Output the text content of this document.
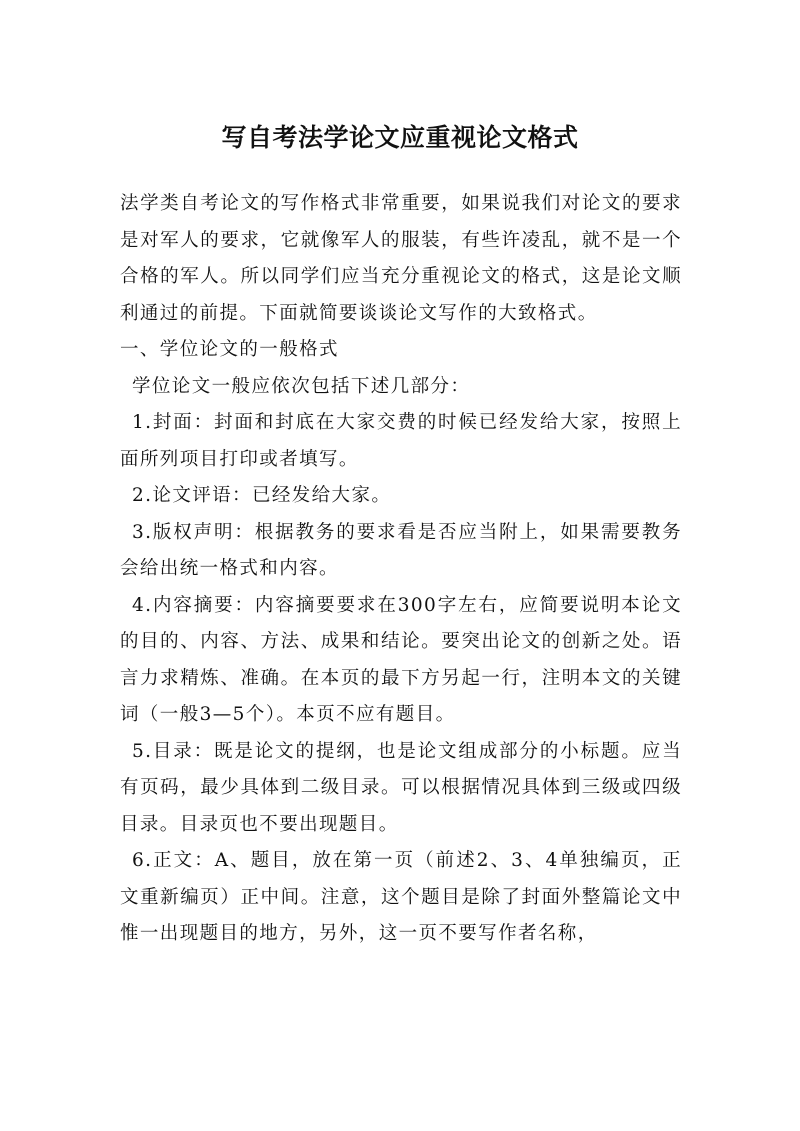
写自考法学论文应重视论文格式

法学类自考论文的写作格式非常重要，如果说我们对论文的要求是对军人的要求，它就像军人的服装，有些许凌乱，就不是一个合格的军人。所以同学们应当充分重视论文的格式，这是论文顺利通过的前提。下面就简要谈谈论文写作的大致格式。

一、学位论文的一般格式

学位论文一般应依次包括下述几部分：

1.封面：封面和封底在大家交费的时候已经发给大家，按照上面所列项目打印或者填写。

2.论文评语：已经发给大家。

3.版权声明：根据教务的要求看是否应当附上，如果需要教务会给出统一格式和内容。

4.内容摘要：内容摘要要求在300字左右，应简要说明本论文的目的、内容、方法、成果和结论。要突出论文的创新之处。语言力求精炼、准确。在本页的最下方另起一行，注明本文的关键词（一般3—5个）。本页不应有题目。

5.目录：既是论文的提纲，也是论文组成部分的小标题。应当有页码，最少具体到二级目录。可以根据情况具体到三级或四级目录。目录页也不要出现题目。

6.正文：A、题目，放在第一页（前述2、3、4单独编页，正文重新编页）正中间。注意，这个题目是除了封面外整篇论文中惟一出现题目的地方，另外，这一页不要写作者名称，
